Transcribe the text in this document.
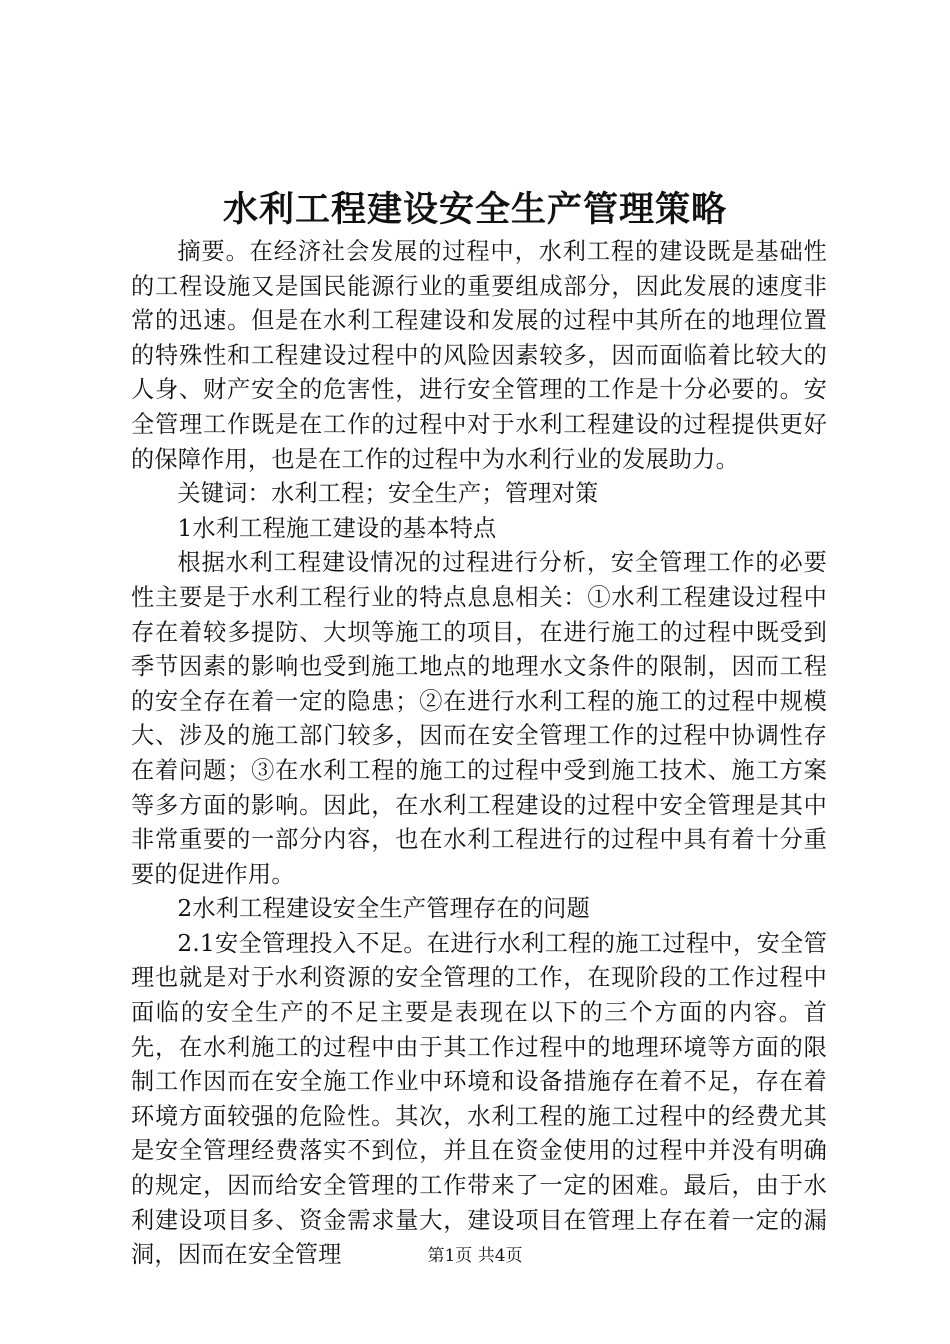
水利工程建设安全生产管理策略

摘要。在经济社会发展的过程中，水利工程的建设既是基础性的工程设施又是国民能源行业的重要组成部分，因此发展的速度非常的迅速。但是在水利工程建设和发展的过程中其所在的地理位置的特殊性和工程建设过程中的风险因素较多，因而面临着比较大的人身、财产安全的危害性，进行安全管理的工作是十分必要的。安全管理工作既是在工作的过程中对于水利工程建设的过程提供更好的保障作用，也是在工作的过程中为水利行业的发展助力。

关键词：水利工程；安全生产；管理对策

1水利工程施工建设的基本特点

根据水利工程建设情况的过程进行分析，安全管理工作的必要性主要是于水利工程行业的特点息息相关：①水利工程建设过程中存在着较多提防、大坝等施工的项目，在进行施工的过程中既受到季节因素的影响也受到施工地点的地理水文条件的限制，因而工程的安全存在着一定的隐患；②在进行水利工程的施工的过程中规模大、涉及的施工部门较多，因而在安全管理工作的过程中协调性存在着问题；③在水利工程的施工的过程中受到施工技术、施工方案等多方面的影响。因此，在水利工程建设的过程中安全管理是其中非常重要的一部分内容，也在水利工程进行的过程中具有着十分重要的促进作用。

2水利工程建设安全生产管理存在的问题

2.1安全管理投入不足。在进行水利工程的施工过程中，安全管理也就是对于水利资源的安全管理的工作，在现阶段的工作过程中面临的安全生产的不足主要是表现在以下的三个方面的内容。首先，在水利施工的过程中由于其工作过程中的地理环境等方面的限制工作因而在安全施工作业中环境和设备措施存在着不足，存在着环境方面较强的危险性。其次，水利工程的施工过程中的经费尤其是安全管理经费落实不到位，并且在资金使用的过程中并没有明确的规定，因而给安全管理的工作带来了一定的困难。最后，由于水利建设项目多、资金需求量大，建设项目在管理上存在着一定的漏洞，因而在安全管理	第1页 共4页
